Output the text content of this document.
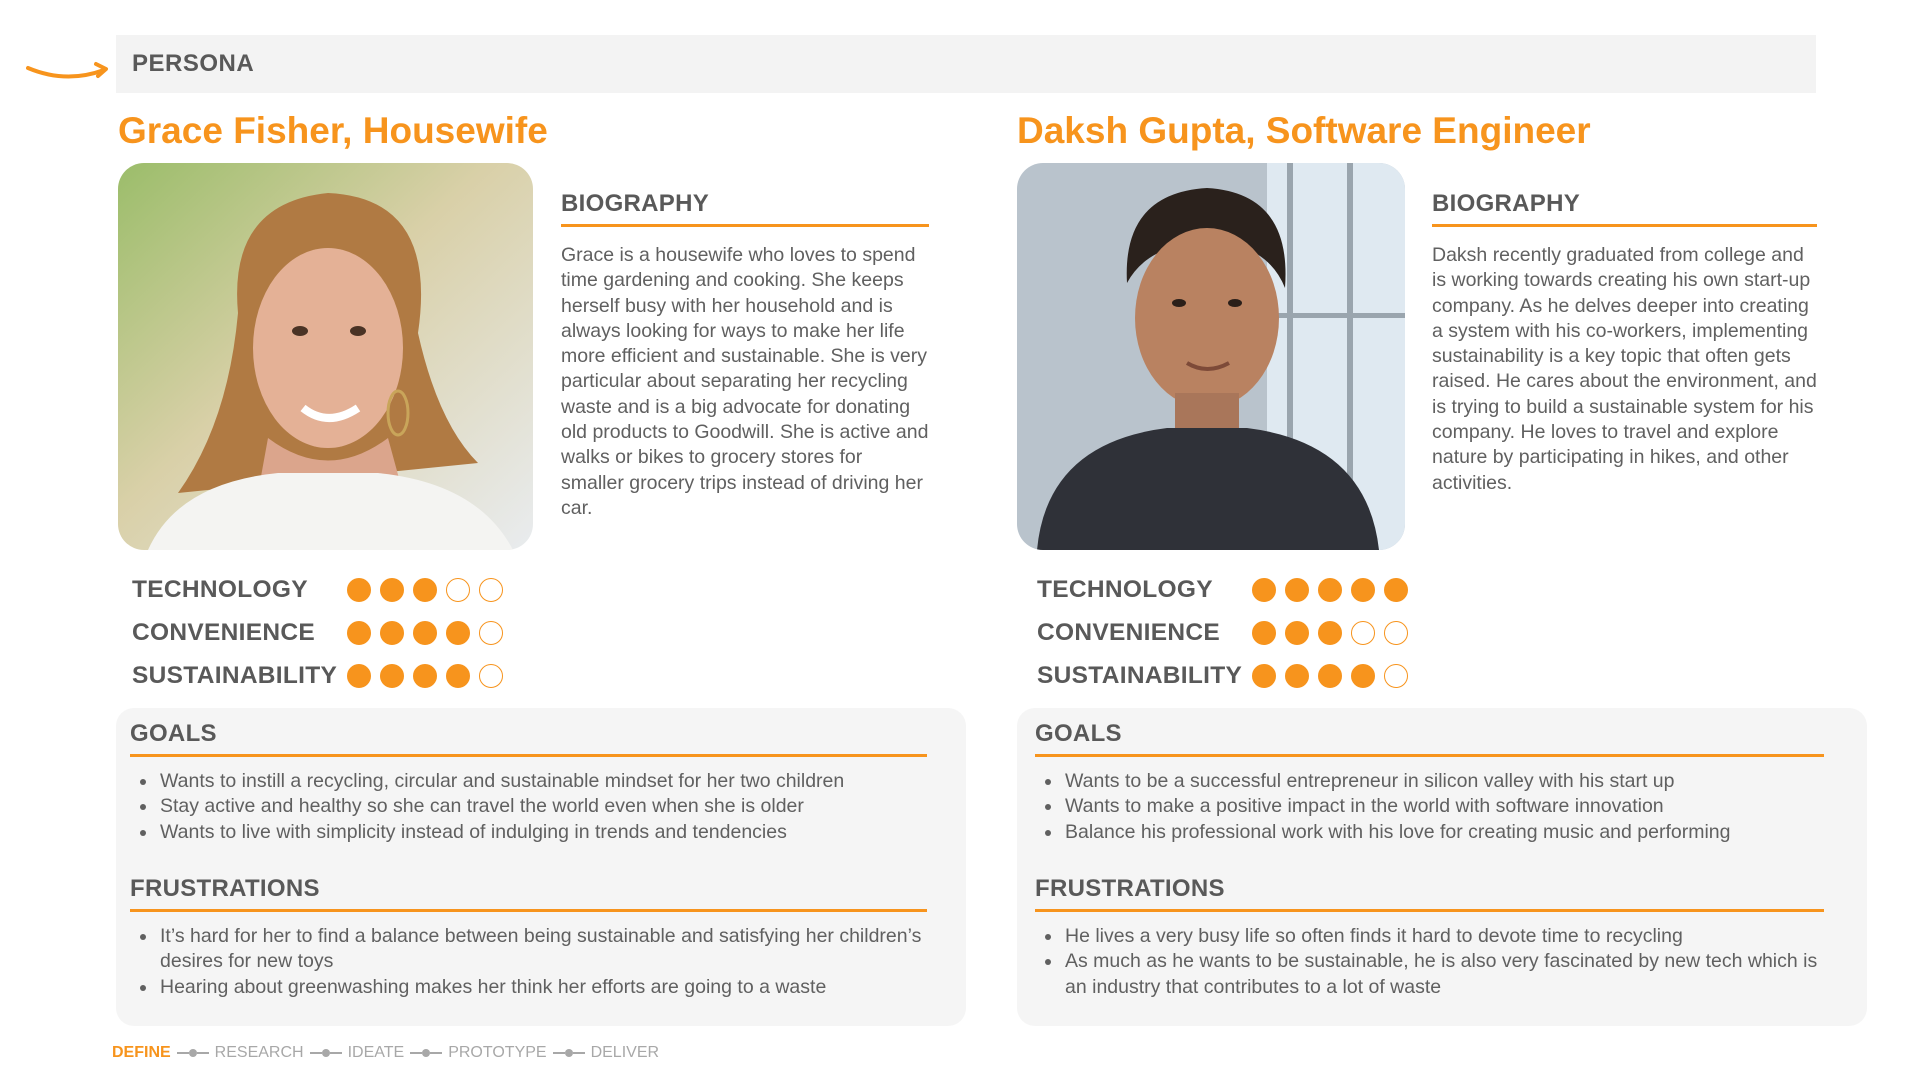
PERSONA
Grace Fisher, Housewife
BIOGRAPHY
Grace is a housewife who loves to spend time gardening and cooking. She keeps herself busy with her household and is always looking for ways to make her life more efficient and sustainable. She is very particular about separating her recycling waste and is a big advocate for donating old products to Goodwill. She is active and walks or bikes to grocery stores for smaller grocery trips instead of driving her car.
TECHNOLOGY
CONVENIENCE
SUSTAINABILITY
GOALS
Wants to instill a recycling, circular and sustainable mindset for her two children
Stay active and healthy so she can travel the world even when she is older
Wants to live with simplicity instead of indulging in trends and tendencies
FRUSTRATIONS
It’s hard for her to find a balance between being sustainable and satisfying her children’s desires for new toys
Hearing about greenwashing makes her think her efforts are going to a waste
Daksh Gupta, Software Engineer
BIOGRAPHY
Daksh recently graduated from college and is working towards creating his own start-up company. As he delves deeper into creating a system with his co-workers, implementing sustainability is a key topic that often gets raised. He cares about the environment, and is trying to build a sustainable system for his company. He loves to travel and explore nature by participating in hikes, and other activities.
TECHNOLOGY
CONVENIENCE
SUSTAINABILITY
GOALS
Wants to be a successful entrepreneur in silicon valley with his start up
Wants to make a positive impact in the world with software innovation
Balance his professional work with his love for creating music and performing
FRUSTRATIONS
He lives a very busy life so often finds it hard to devote time to recycling
As much as he wants to be sustainable, he is also very fascinated by new tech which is an industry that contributes to a lot of waste
DEFINE	RESEARCH	IDEATE	PROTOTYPE	DELIVER
